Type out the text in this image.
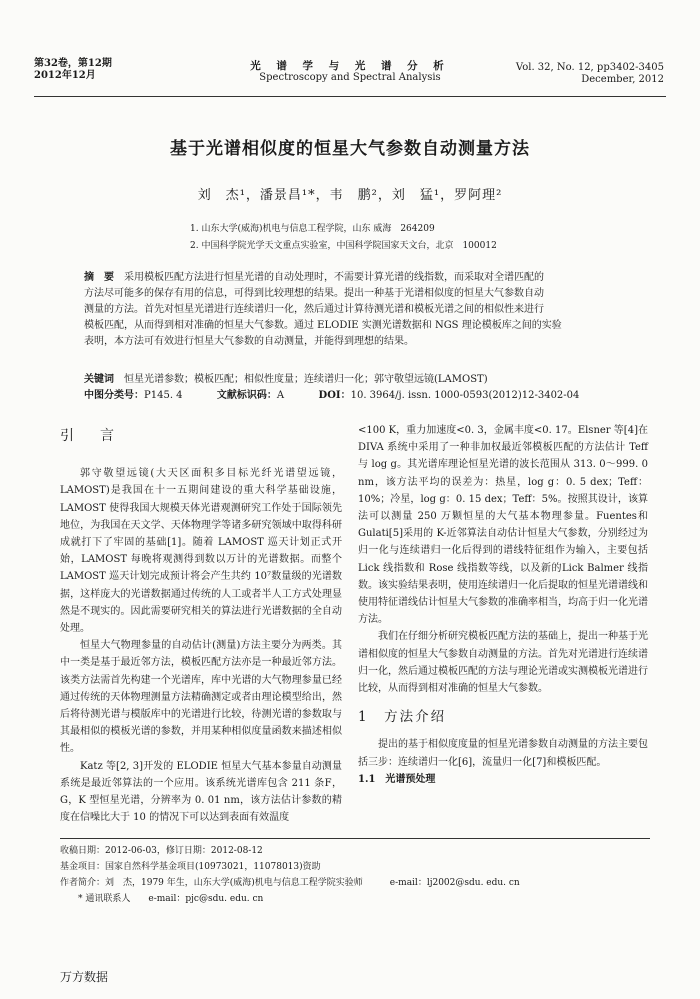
第32卷，第12期
2012年12月
光 谱 学 与 光 谱 分 析
Spectroscopy and Spectral Analysis
Vol. 32, No. 12, pp3402-3405
December, 2012
基于光谱相似度的恒星大气参数自动测量方法
刘　杰¹，潘景昌¹*，韦　鹏²，刘　猛¹，罗阿理²
1. 山东大学(威海)机电与信息工程学院，山东 威海　264209
2. 中国科学院光学天文重点实验室，中国科学院国家天文台，北京　100012
摘　要　 采用模板匹配方法进行恒星光谱的自动处理时，不需要计算光谱的线指数，而采取对全谱匹配的
方法尽可能多的保存有用的信息，可得到比较理想的结果。提出一种基于光谱相似度的恒星大气参数自动
测量的方法。首先对恒星光谱进行连续谱归一化，然后通过计算待测光谱和模板光谱之间的相似性来进行
模板匹配，从而得到相对准确的恒星大气参数。通过 ELODIE 实测光谱数据和 NGS 理论模板库之间的实验
表明，本方法可有效进行恒星大气参数的自动测量，并能得到理想的结果。
关键词　 恒星光谱参数；模板匹配；相似性度量；连续谱归一化；郭守敬望远镜(LAMOST)
中图分类号：P145. 4	文献标识码：A	DOI：10. 3964/j. issn. 1000-0593(2012)12-3402-04
引　言

郭守敬望远镜(大天区面积多目标光纤光谱望远镜，LAMOST)是我国在十一五期间建设的重大科学基础设施，LAMOST 使得我国大规模天体光谱观测研究工作处于国际领先地位，为我国在天文学、天体物理学等诸多研究领域中取得科研成就打下了牢固的基础[1]。随着 LAMOST 巡天计划正式开始，LAMOST 每晚将观测得到数以万计的光谱数据。而整个 LAMOST 巡天计划完成预计将会产生共约 10⁷数量级的光谱数据，这样庞大的光谱数据通过传统的人工或者半人工方式处理显然是不现实的。因此需要研究相关的算法进行光谱数据的全自动处理。

恒星大气物理参量的自动估计(测量)方法主要分为两类。其中一类是基于最近邻方法，模板匹配方法亦是一种最近邻方法。该类方法需首先构建一个光谱库，库中光谱的大气物理参量已经通过传统的天体物理测量方法精确测定或者由理论模型给出，然后将待测光谱与模版库中的光谱进行比较，待测光谱的参数取与其最相似的模板光谱的参数，并用某种相似度量函数来描述相似性。

Katz 等[2, 3]开发的 ELODIE 恒星大气基本参量自动测量系统是最近邻算法的一个应用。该系统光谱库包含 211 条F，G，K 型恒星光谱，分辨率为 0. 01 nm，该方法估计参数的精度在信噪比大于 10 的情况下可以达到表面有效温度

<100 K，重力加速度<0. 3，金属丰度<0. 17。Elsner 等[4]在 DIVA 系统中采用了一种非加权最近邻模板匹配的方法估计 Teff 与 log g。其光谱库理论恒星光谱的波长范围从 313. 0～999. 0 nm，该方法平均的误差为：热星，log g：0. 5 dex；Teff：10%；冷星，log g：0. 15 dex；Teff：5%。按照其设计，该算法可以测量 250 万颗恒星的大气基本物理参量。Fuentes和 Gulati[5]采用的 K-近邻算法自动估计恒星大气参数，分别经过为归一化与连续谱归一化后得到的谱线特征组作为输入，主要包括 Lick 线指数和 Rose 线指数等线，以及新的Lick Balmer 线指数。该实验结果表明，使用连续谱归一化后提取的恒星光谱谱线和使用特征谱线估计恒星大气参数的准确率相当，均高于归一化光谱方法。

我们在仔细分析研究模板匹配方法的基础上，提出一种基于光谱相似度的恒星大气参数自动测量的方法。首先对光谱进行连续谱归一化，然后通过模板匹配的方法与理论光谱或实测模板光谱进行比较，从而得到相对准确的恒星大气参数。

1　方法介绍

提出的基于相似度度量的恒星光谱参数自动测量的方法主要包括三步：连续谱归一化[6]，流量归一化[7]和模板匹配。

1.1　光谱预处理
收稿日期：2012-06-03，修订日期：2012-08-12
基金项目：国家自然科学基金项目(10973021，11078013)资助
作者简介：刘　杰，1979 年生，山东大学(威海)机电与信息工程学院实验师　　　e-mail：lj2002@sdu. edu. cn
　　* 通讯联系人　　e-mail：pjc@sdu. edu. cn
万方数据
